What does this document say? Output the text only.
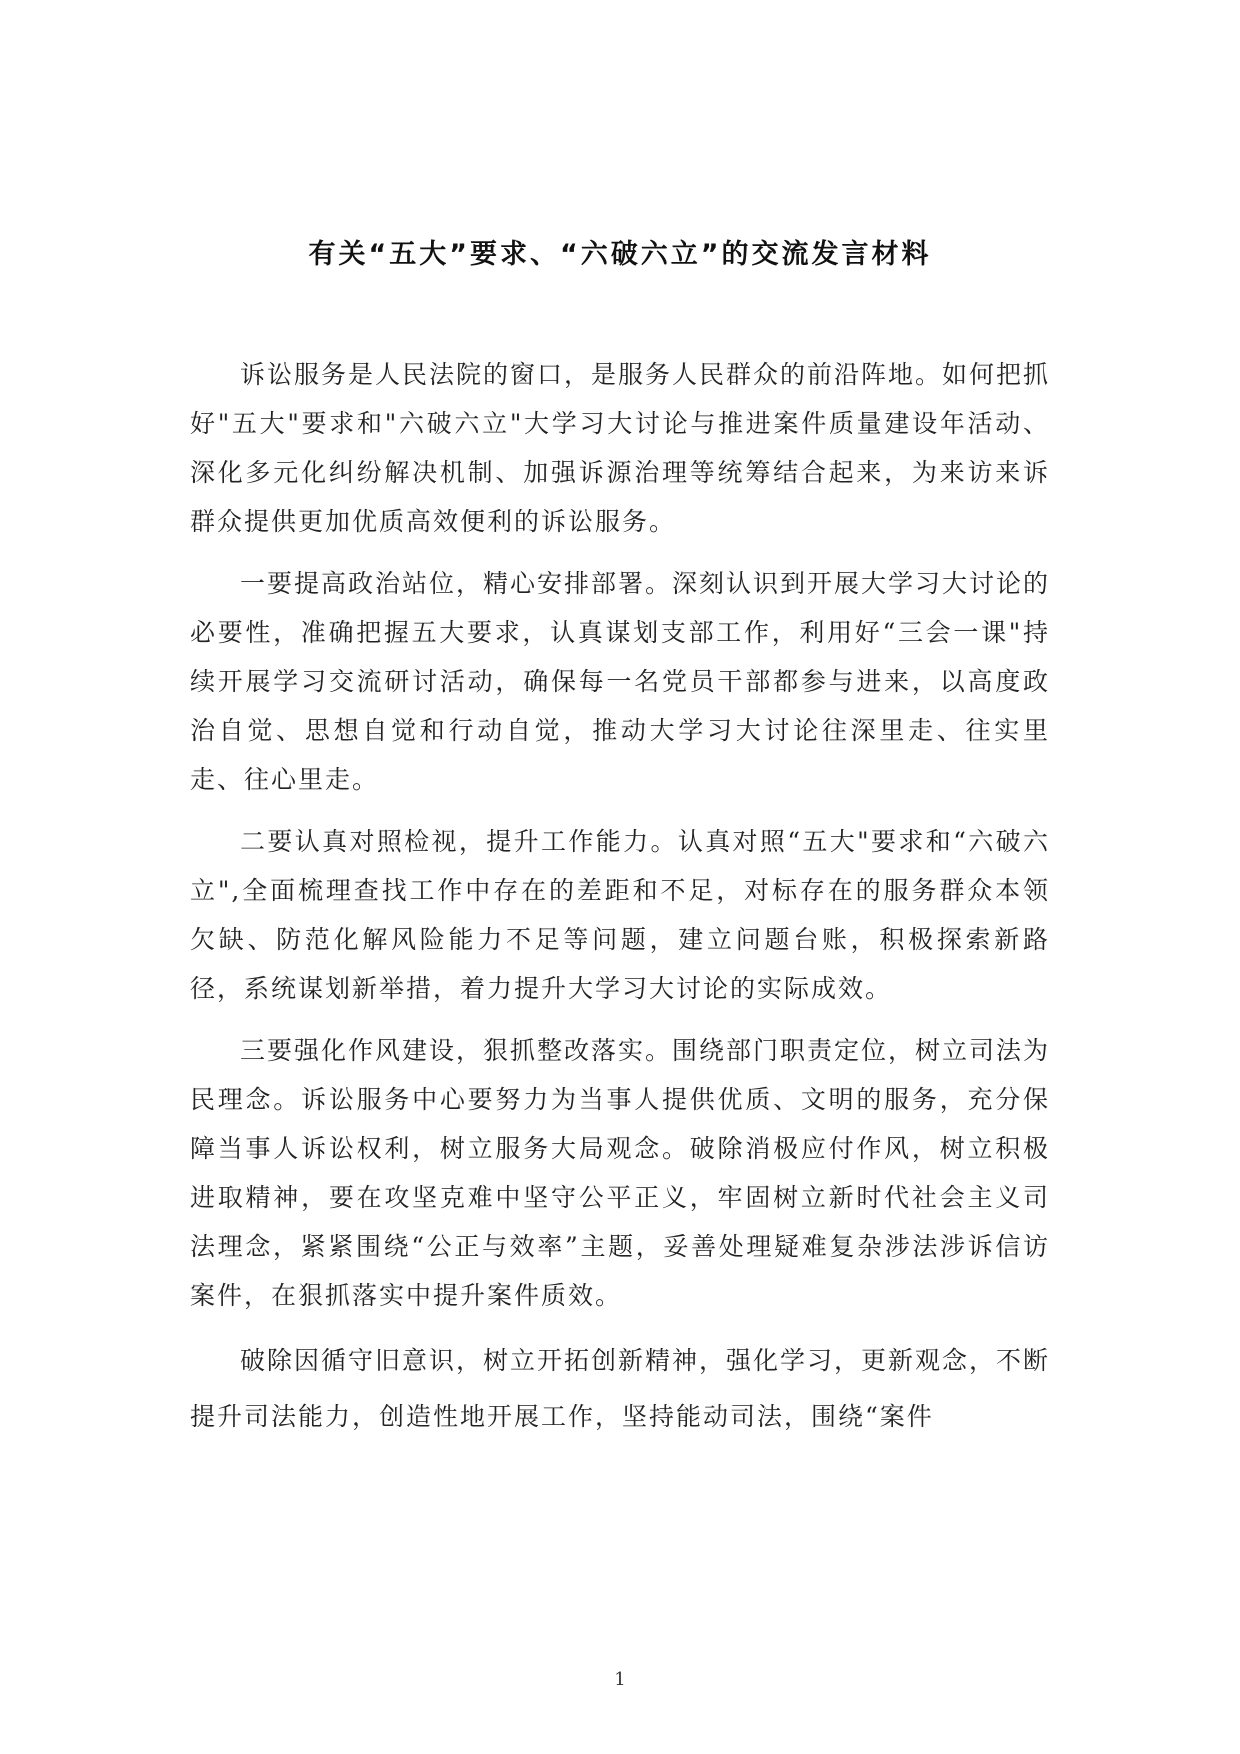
有关“五大”要求、“六破六立”的交流发言材料

诉讼服务是人民法院的窗口，是服务人民群众的前沿阵地。如何把抓好"五大"要求和"六破六立"大学习大讨论与推进案件质量建设年活动、深化多元化纠纷解决机制、加强诉源治理等统筹结合起来，为来访来诉群众提供更加优质高效便利的诉讼服务。

一要提高政治站位，精心安排部署。深刻认识到开展大学习大讨论的必要性，准确把握五大要求，认真谋划支部工作，利用好“三会一课"持续开展学习交流研讨活动，确保每一名党员干部都参与进来，以高度政治自觉、思想自觉和行动自觉，推动大学习大讨论往深里走、往实里走、往心里走。

二要认真对照检视，提升工作能力。认真对照“五大"要求和“六破六立",全面梳理查找工作中存在的差距和不足，对标存在的服务群众本领欠缺、防范化解风险能力不足等问题，建立问题台账，积极探索新路径，系统谋划新举措，着力提升大学习大讨论的实际成效。

三要强化作风建设，狠抓整改落实。围绕部门职责定位，树立司法为民理念。诉讼服务中心要努力为当事人提供优质、文明的服务，充分保障当事人诉讼权利，树立服务大局观念。破除消极应付作风，树立积极进取精神，要在攻坚克难中坚守公平正义，牢固树立新时代社会主义司法理念，紧紧围绕“公正与效率”主题，妥善处理疑难复杂涉法涉诉信访案件，在狠抓落实中提升案件质效。

破除因循守旧意识，树立开拓创新精神，强化学习，更新观念，不断提升司法能力，创造性地开展工作，坚持能动司法，围绕“案件

1
